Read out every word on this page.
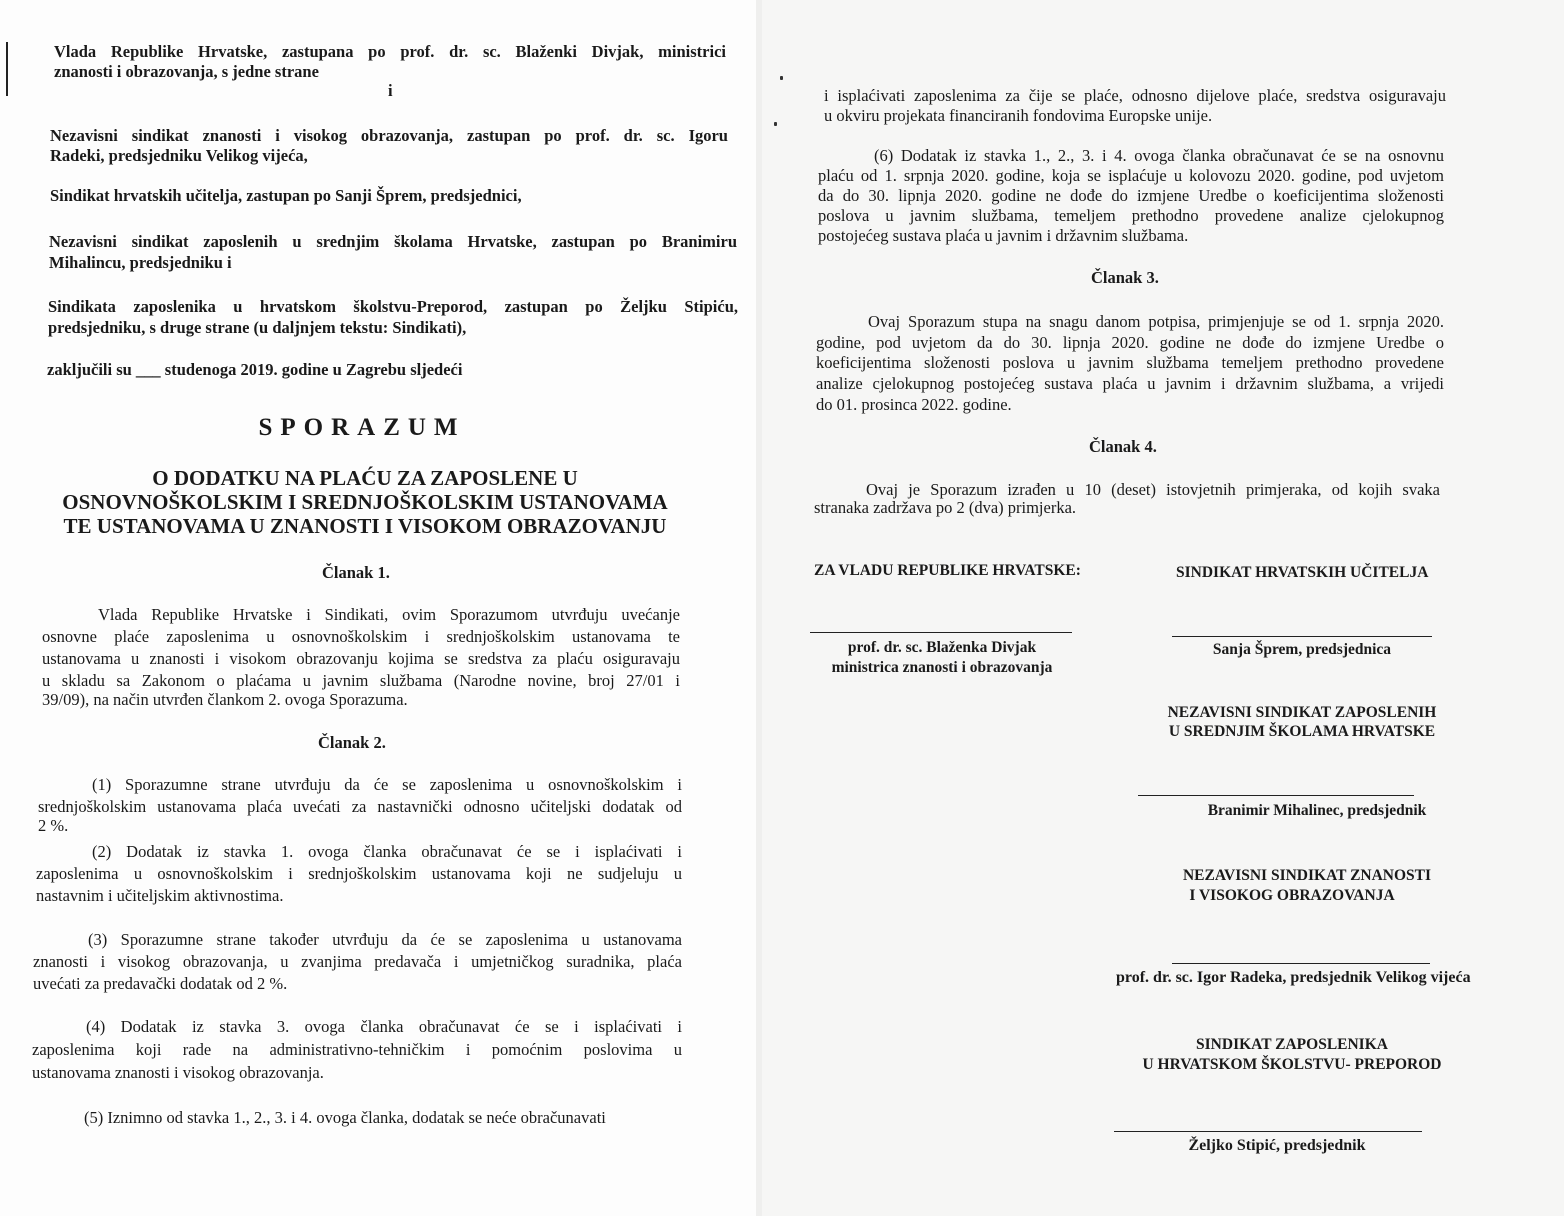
Vlada Republike Hrvatske, zastupana po prof. dr. sc. Blaženki Divjak, ministrici

znanosti i obrazovanja, s jedne strane

i

Nezavisni sindikat znanosti i visokog obrazovanja, zastupan po prof. dr. sc. Igoru

Radeki, predsjedniku Velikog vijeća,

Sindikat hrvatskih učitelja, zastupan po Sanji Šprem, predsjednici,

Nezavisni sindikat zaposlenih u srednjim školama Hrvatske, zastupan po Branimiru

Mihalincu, predsjedniku i

Sindikata zaposlenika u hrvatskom školstvu-Preporod, zastupan po Željku Stipiću,

predsjedniku, s druge strane (u daljnjem tekstu: Sindikati),

zaključili su ___ studenoga 2019. godine u Zagrebu sljedeći

SPORAZUM
O DODATKU NA PLAĆU ZA ZAPOSLENE U
OSNOVNOŠKOLSKIM I SREDNJOŠKOLSKIM USTANOVAMA
TE USTANOVAMA U ZNANOSTI I VISOKOM OBRAZOVANJU

Članak 1.

Vlada Republike Hrvatske i Sindikati, ovim Sporazumom utvrđuju uvećanje

osnovne plaće zaposlenima u osnovnoškolskim i srednjoškolskim ustanovama te

ustanovama u znanosti i visokom obrazovanju kojima se sredstva za plaću osiguravaju

u skladu sa Zakonom o plaćama u javnim službama (Narodne novine, broj 27/01 i

39/09), na način utvrđen člankom 2. ovoga Sporazuma.

Članak 2.

(1) Sporazumne strane utvrđuju da će se zaposlenima u osnovnoškolskim i

srednjoškolskim ustanovama plaća uvećati za nastavnički odnosno učiteljski dodatak od

2 %.

(2) Dodatak iz stavka 1. ovoga članka obračunavat će se i isplaćivati i

zaposlenima u osnovnoškolskim i srednjoškolskim ustanovama koji ne sudjeluju u

nastavnim i učiteljskim aktivnostima.

(3) Sporazumne strane također utvrđuju da će se zaposlenima u ustanovama

znanosti i visokog obrazovanja, u zvanjima predavača i umjetničkog suradnika, plaća

uvećati za predavački dodatak od 2 %.

(4) Dodatak iz stavka 3. ovoga članka obračunavat će se i isplaćivati i

zaposlenima koji rade na administrativno-tehničkim i pomoćnim poslovima u

ustanovama znanosti i visokog obrazovanja.

(5) Iznimno od stavka 1., 2., 3. i 4. ovoga članka, dodatak se neće obračunavati

i isplaćivati zaposlenima za čije se plaće, odnosno dijelove plaće, sredstva osiguravaju

u okviru projekata financiranih fondovima Europske unije.

(6) Dodatak iz stavka 1., 2., 3. i 4. ovoga članka obračunavat će se na osnovnu

plaću od 1. srpnja 2020. godine, koja se isplaćuje u kolovozu 2020. godine, pod uvjetom

da do 30. lipnja 2020. godine ne dođe do izmjene Uredbe o koeficijentima složenosti

poslova u javnim službama, temeljem prethodno provedene analize cjelokupnog

postojećeg sustava plaća u javnim i državnim službama.

Članak 3.

Ovaj Sporazum stupa na snagu danom potpisa, primjenjuje se od 1. srpnja 2020.

godine, pod uvjetom da do 30. lipnja 2020. godine ne dođe do izmjene Uredbe o

koeficijentima složenosti poslova u javnim službama temeljem prethodno provedene

analize cjelokupnog postojećeg sustava plaća u javnim i državnim službama, a vrijedi

do 01. prosinca 2022. godine.

Članak 4.

Ovaj je Sporazum izrađen u 10 (deset) istovjetnih primjeraka, od kojih svaka

stranaka zadržava po 2 (dva) primjerka.

ZA VLADU REPUBLIKE HRVATSKE:	SINDIKAT HRVATSKIH UČITELJA

prof. dr. sc. Blaženka Divjak

ministrica znanosti i obrazovanja

Sanja Šprem, predsjednica

NEZAVISNI SINDIKAT ZAPOSLENIH

U SREDNJIM ŠKOLAMA HRVATSKE

Branimir Mihalinec, predsjednik

NEZAVISNI SINDIKAT ZNANOSTI

I VISOKOG OBRAZOVANJA

prof. dr. sc. Igor Radeka, predsjednik Velikog vijeća

SINDIKAT ZAPOSLENIKA

U HRVATSKOM ŠKOLSTVU- PREPOROD

Željko Stipić, predsjednik
